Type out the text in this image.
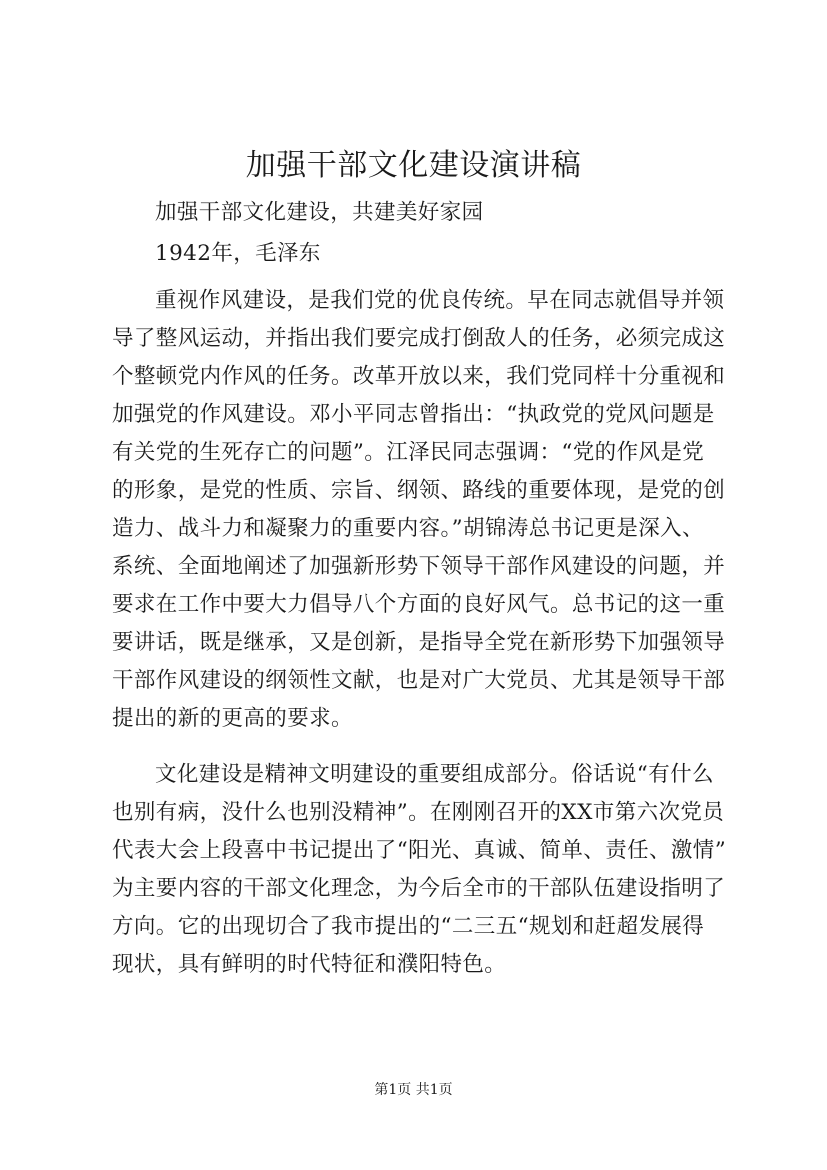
加强干部文化建设演讲稿
加强干部文化建设，共建美好家园
1942年，毛泽东
重视作风建设，是我们党的优良传统。早在同志就倡导并领
导了整风运动，并指出我们要完成打倒敌人的任务，必须完成这
个整顿党内作风的任务。改革开放以来，我们党同样十分重视和
加强党的作风建设。邓小平同志曾指出：“执政党的党风问题是
有关党的生死存亡的问题”。江泽民同志强调：“党的作风是党
的形象，是党的性质、宗旨、纲领、路线的重要体现，是党的创
造力、战斗力和凝聚力的重要内容。”胡锦涛总书记更是深入、
系统、全面地阐述了加强新形势下领导干部作风建设的问题，并
要求在工作中要大力倡导八个方面的良好风气。总书记的这一重
要讲话，既是继承，又是创新，是指导全党在新形势下加强领导
干部作风建设的纲领性文献，也是对广大党员、尤其是领导干部
提出的新的更高的要求。
文化建设是精神文明建设的重要组成部分。俗话说“有什么
也别有病，没什么也别没精神”。在刚刚召开的XX市第六次党员
代表大会上段喜中书记提出了“阳光、真诚、简单、责任、激情”
为主要内容的干部文化理念，为今后全市的干部队伍建设指明了
方向。它的出现切合了我市提出的“二三五“规划和赶超发展得
现状，具有鲜明的时代特征和濮阳特色。
第1页 共1页
